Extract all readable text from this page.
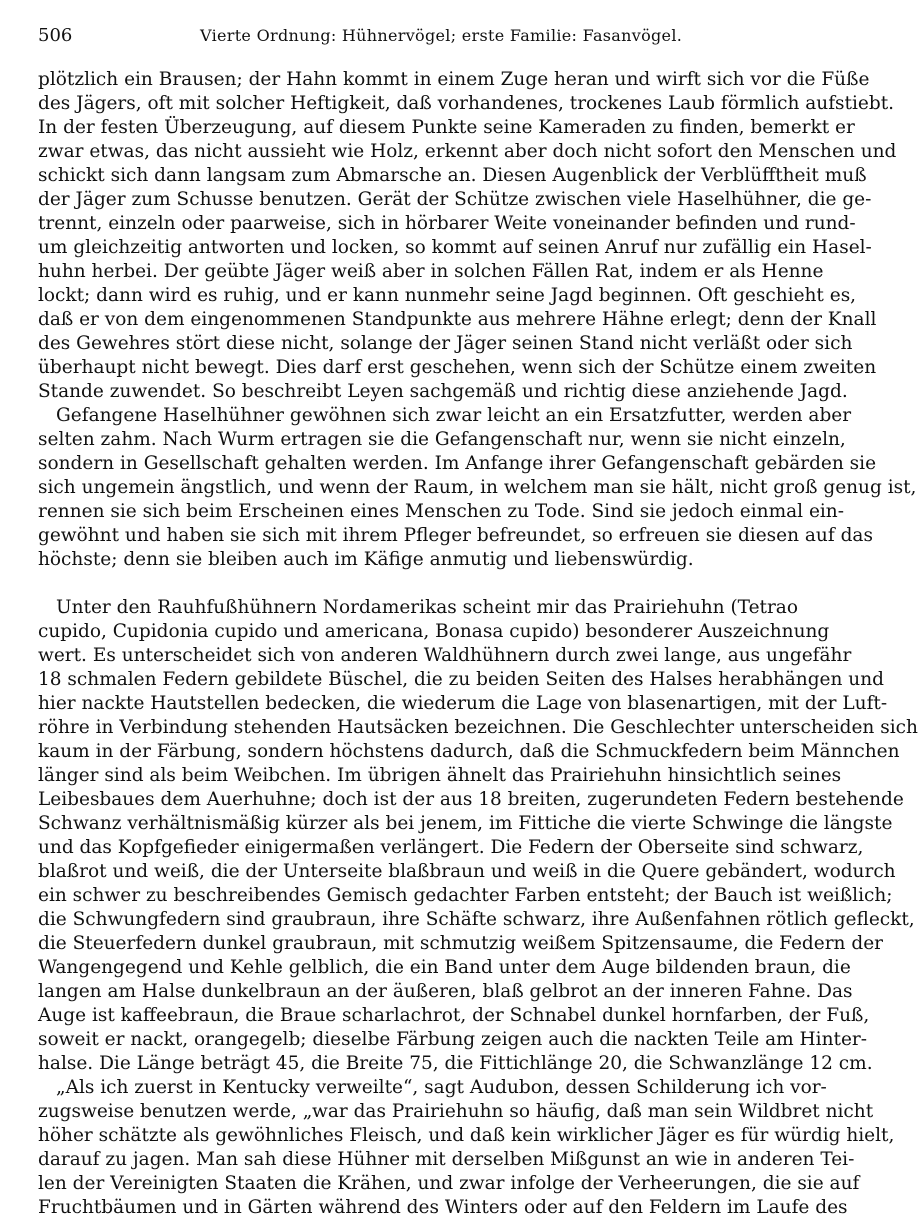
506	Vierte Ordnung: Hühnervögel; erste Familie: Fasanvögel.
plötzlich ein Brausen; der Hahn kommt in einem Zuge heran und wirft sich vor die Füße
des Jägers, oft mit solcher Heftigkeit, daß vorhandenes, trockenes Laub förmlich aufstiebt.
In der festen Überzeugung, auf diesem Punkte seine Kameraden zu finden, bemerkt er
zwar etwas, das nicht aussieht wie Holz, erkennt aber doch nicht sofort den Menschen und
schickt sich dann langsam zum Abmarsche an. Diesen Augenblick der Verblüfftheit muß
der Jäger zum Schusse benutzen. Gerät der Schütze zwischen viele Haselhühner, die ge-
trennt, einzeln oder paarweise, sich in hörbarer Weite voneinander befinden und rund-
um gleichzeitig antworten und locken, so kommt auf seinen Anruf nur zufällig ein Hasel-
huhn herbei. Der geübte Jäger weiß aber in solchen Fällen Rat, indem er als Henne
lockt; dann wird es ruhig, und er kann nunmehr seine Jagd beginnen. Oft geschieht es,
daß er von dem eingenommenen Standpunkte aus mehrere Hähne erlegt; denn der Knall
des Gewehres stört diese nicht, solange der Jäger seinen Stand nicht verläßt oder sich
überhaupt nicht bewegt. Dies darf erst geschehen, wenn sich der Schütze einem zweiten
Stande zuwendet. So beschreibt Leyen sachgemäß und richtig diese anziehende Jagd.
Gefangene Haselhühner gewöhnen sich zwar leicht an ein Ersatzfutter, werden aber
selten zahm. Nach Wurm ertragen sie die Gefangenschaft nur, wenn sie nicht einzeln,
sondern in Gesellschaft gehalten werden. Im Anfange ihrer Gefangenschaft gebärden sie
sich ungemein ängstlich, und wenn der Raum, in welchem man sie hält, nicht groß genug ist,
rennen sie sich beim Erscheinen eines Menschen zu Tode. Sind sie jedoch einmal ein-
gewöhnt und haben sie sich mit ihrem Pfleger befreundet, so erfreuen sie diesen auf das
höchste; denn sie bleiben auch im Käfige anmutig und liebenswürdig.
Unter den Rauhfußhühnern Nordamerikas scheint mir das Prairiehuhn (Tetrao
cupido, Cupidonia cupido und americana, Bonasa cupido) besonderer Auszeichnung
wert. Es unterscheidet sich von anderen Waldhühnern durch zwei lange, aus ungefähr
18 schmalen Federn gebildete Büschel, die zu beiden Seiten des Halses herabhängen und
hier nackte Hautstellen bedecken, die wiederum die Lage von blasenartigen, mit der Luft-
röhre in Verbindung stehenden Hautsäcken bezeichnen. Die Geschlechter unterscheiden sich
kaum in der Färbung, sondern höchstens dadurch, daß die Schmuckfedern beim Männchen
länger sind als beim Weibchen. Im übrigen ähnelt das Prairiehuhn hinsichtlich seines
Leibesbaues dem Auerhuhne; doch ist der aus 18 breiten, zugerundeten Federn bestehende
Schwanz verhältnismäßig kürzer als bei jenem, im Fittiche die vierte Schwinge die längste
und das Kopfgefieder einigermaßen verlängert. Die Federn der Oberseite sind schwarz,
blaßrot und weiß, die der Unterseite blaßbraun und weiß in die Quere gebändert, wodurch
ein schwer zu beschreibendes Gemisch gedachter Farben entsteht; der Bauch ist weißlich;
die Schwungfedern sind graubraun, ihre Schäfte schwarz, ihre Außenfahnen rötlich gefleckt,
die Steuerfedern dunkel graubraun, mit schmutzig weißem Spitzensaume, die Federn der
Wangengegend und Kehle gelblich, die ein Band unter dem Auge bildenden braun, die
langen am Halse dunkelbraun an der äußeren, blaß gelbrot an der inneren Fahne. Das
Auge ist kaffeebraun, die Braue scharlachrot, der Schnabel dunkel hornfarben, der Fuß,
soweit er nackt, orangegelb; dieselbe Färbung zeigen auch die nackten Teile am Hinter-
halse. Die Länge beträgt 45, die Breite 75, die Fittichlänge 20, die Schwanzlänge 12 cm.
„Als ich zuerst in Kentucky verweilte“, sagt Audubon, dessen Schilderung ich vor-
zugsweise benutzen werde, „war das Prairiehuhn so häufig, daß man sein Wildbret nicht
höher schätzte als gewöhnliches Fleisch, und daß kein wirklicher Jäger es für würdig hielt,
darauf zu jagen. Man sah diese Hühner mit derselben Mißgunst an wie in anderen Tei-
len der Vereinigten Staaten die Krähen, und zwar infolge der Verheerungen, die sie auf
Fruchtbäumen und in Gärten während des Winters oder auf den Feldern im Laufe des
